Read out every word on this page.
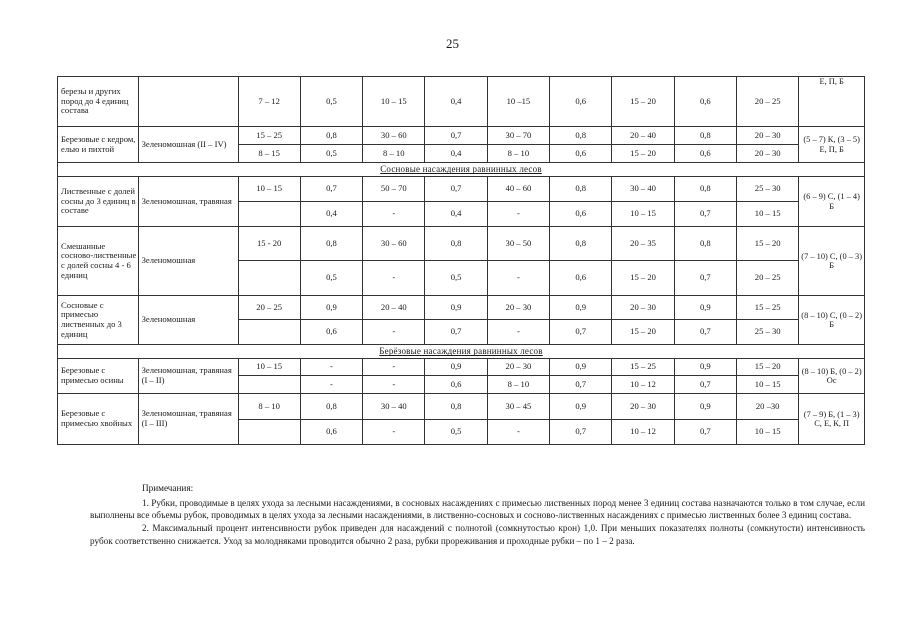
25
березы и других пород до 4 единиц состава		7 – 12	0,5	10 – 15	0,4	10 –15	0,6	15 – 20	0,6	20 – 25	Е, П, Б
Березовые с кедром, елью и пихтой	Зеленомошная (II – IV)	15 – 25	0,8	30 – 60	0,7	30 – 70	0,8	20 – 40	0,8	20 – 30	(5 – 7) К, (3 – 5) Е, П, Б
		8 – 15	0,5	8 – 10	0,4	8 – 10	0,6	15 – 20	0,6	20 – 30	
Сосновые насаждения равнинных лесов											
Лиственные с долей сосны до 3 единиц в составе	Зеленомошная, травяная	10 – 15	0,7	50 – 70	0,7	40 – 60	0,8	30 – 40	0,8	25 – 30	(6 – 9) С, (1 – 4) Б
			0,4	-	0,4	-	0,6	10 – 15	0,7	10 – 15	
Смешанные сосново-лиственные с долей сосны 4 - 6 единиц	Зеленомошная	15 - 20	0,8	30 – 60	0,8	30 – 50	0,8	20 – 35	0,8	15 – 20	(7 – 10) С, (0 – 3) Б
			0,5	-	0,5	-	0,6	15 – 20	0,7	20 – 25	
Сосновые с примесью лиственных до 3 единиц	Зеленомошная	20 – 25	0,9	20 – 40	0,9	20 – 30	0,9	20 – 30	0,9	15 – 25	(8 – 10) С, (0 – 2) Б
			0,6	-	0,7	-	0,7	15 – 20	0,7	25 – 30	
Берёзовые насаждения равнинных лесов											
Березовые с примесью осины	Зеленомошная, травяная (I – II)	10 – 15	-	-	0,9	20 – 30	0,9	15 – 25	0,9	15 – 20	(8 – 10) Б, (0 – 2) Ос
			-	-	0,6	8 – 10	0,7	10 – 12	0,7	10 – 15	
Березовые с примесью хвойных	Зеленомошная, травяная (I – III)	8 – 10	0,8	30 – 40	0,8	30 – 45	0,9	20 – 30	0,9	20 –30	(7 – 9) Б, (1 – 3) С, Е, К, П
			0,6	-	0,5	-	0,7	10 – 12	0,7	10 – 15	
Примечания:

1. Рубки, проводимые в целях ухода за лесными насаждениями, в сосновых насаждениях с примесью лиственных пород менее 3 единиц состава назначаются только в том случае, если выполнены все объемы рубок, проводимых в целях ухода за лесными насаждениями, в лиственно-сосновых и сосново-лиственных насаждениях с примесью лиственных более 3 единиц состава.

2. Максимальный процент интенсивности рубок приведен для насаждений с полнотой (сомкнутостью крон) 1,0. При меньших показателях полноты (сомкнутости) интенсивность рубок соответственно снижается. Уход за молодняками проводится обычно 2 раза, рубки прореживания и проходные рубки – по 1 – 2 раза.
